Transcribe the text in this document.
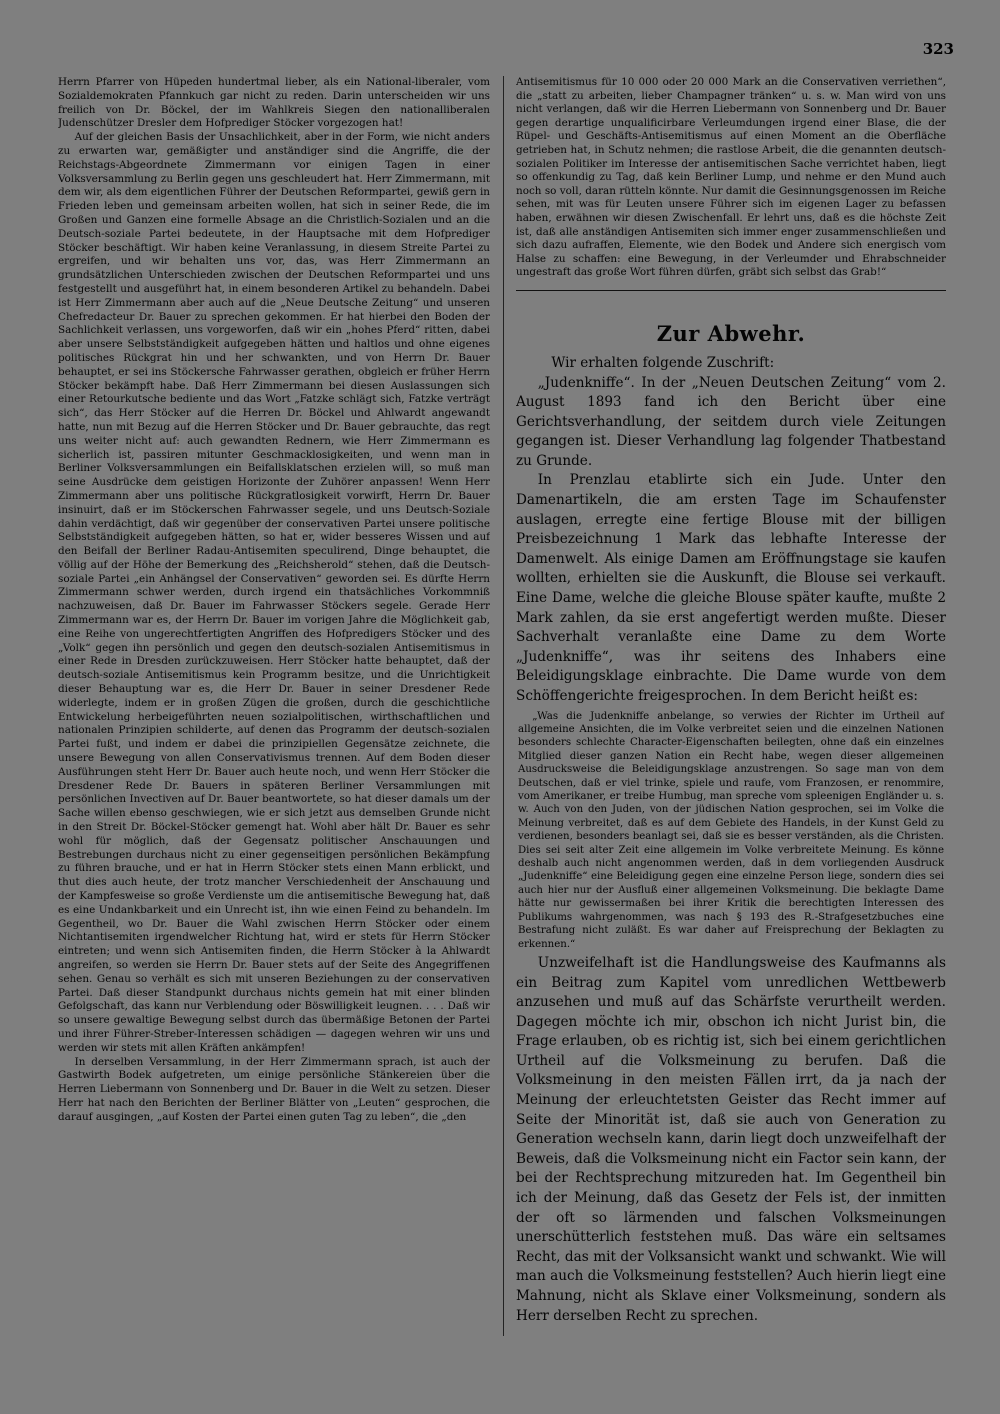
323

Herrn Pfarrer von Hüpeden hundertmal lieber, als ein National-liberaler, vom Sozialdemokraten Pfannkuch gar nicht zu reden. Darin unterscheiden wir uns freilich von Dr. Böckel, der im Wahlkreis Siegen den nationalliberalen Judenschützer Dresler dem Hofprediger Stöcker vorgezogen hat!

Auf der gleichen Basis der Unsachlichkeit, aber in der Form, wie nicht anders zu erwarten war, gemäßigter und anständiger sind die Angriffe, die der Reichstags-Abgeordnete Zimmermann vor einigen Tagen in einer Volksversammlung zu Berlin gegen uns geschleudert hat. Herr Zimmermann, mit dem wir, als dem eigentlichen Führer der Deutschen Reformpartei, gewiß gern in Frieden leben und gemeinsam arbeiten wollen, hat sich in seiner Rede, die im Großen und Ganzen eine formelle Absage an die Christlich-Sozialen und an die Deutsch-soziale Partei bedeutete, in der Hauptsache mit dem Hofprediger Stöcker beschäftigt. Wir haben keine Veranlassung, in diesem Streite Partei zu ergreifen, und wir behalten uns vor, das, was Herr Zimmermann an grundsätzlichen Unterschieden zwischen der Deutschen Reformpartei und uns festgestellt und ausgeführt hat, in einem besonderen Artikel zu behandeln. Dabei ist Herr Zimmermann aber auch auf die „Neue Deutsche Zeitung“ und unseren Chefredacteur Dr. Bauer zu sprechen gekommen. Er hat hierbei den Boden der Sachlichkeit verlassen, uns vorgeworfen, daß wir ein „hohes Pferd“ ritten, dabei aber unsere Selbstständigkeit aufgegeben hätten und haltlos und ohne eigenes politisches Rückgrat hin und her schwankten, und von Herrn Dr. Bauer behauptet, er sei ins Stöckersche Fahrwasser gerathen, obgleich er früher Herrn Stöcker bekämpft habe. Daß Herr Zimmermann bei diesen Auslassungen sich einer Retourkutsche bediente und das Wort „Fatzke schlägt sich, Fatzke verträgt sich“, das Herr Stöcker auf die Herren Dr. Böckel und Ahlwardt angewandt hatte, nun mit Bezug auf die Herren Stöcker und Dr. Bauer gebrauchte, das regt uns weiter nicht auf: auch gewandten Rednern, wie Herr Zimmermann es sicherlich ist, passiren mitunter Geschmacklosigkeiten, und wenn man in Berliner Volksversammlungen ein Beifallsklatschen erzielen will, so muß man seine Ausdrücke dem geistigen Horizonte der Zuhörer anpassen! Wenn Herr Zimmermann aber uns politische Rückgratlosigkeit vorwirft, Herrn Dr. Bauer insinuirt, daß er im Stöckerschen Fahrwasser segele, und uns Deutsch-Soziale dahin verdächtigt, daß wir gegenüber der conservativen Partei unsere politische Selbstständigkeit aufgegeben hätten, so hat er, wider besseres Wissen und auf den Beifall der Berliner Radau-Antisemiten speculirend, Dinge behauptet, die völlig auf der Höhe der Bemerkung des „Reichsherold“ stehen, daß die Deutsch-soziale Partei „ein Anhängsel der Conservativen“ geworden sei. Es dürfte Herrn Zimmermann schwer werden, durch irgend ein thatsächliches Vorkommniß nachzuweisen, daß Dr. Bauer im Fahrwasser Stöckers segele. Gerade Herr Zimmermann war es, der Herrn Dr. Bauer im vorigen Jahre die Möglichkeit gab, eine Reihe von ungerechtfertigten Angriffen des Hofpredigers Stöcker und des „Volk“ gegen ihn persönlich und gegen den deutsch-sozialen Antisemitismus in einer Rede in Dresden zurückzuweisen. Herr Stöcker hatte behauptet, daß der deutsch-soziale Antisemitismus kein Programm besitze, und die Unrichtigkeit dieser Behauptung war es, die Herr Dr. Bauer in seiner Dresdener Rede widerlegte, indem er in großen Zügen die großen, durch die geschichtliche Entwickelung herbeigeführten neuen sozialpolitischen, wirthschaftlichen und nationalen Prinzipien schilderte, auf denen das Programm der deutsch-sozialen Partei fußt, und indem er dabei die prinzipiellen Gegensätze zeichnete, die unsere Bewegung von allen Conservativismus trennen. Auf dem Boden dieser Ausführungen steht Herr Dr. Bauer auch heute noch, und wenn Herr Stöcker die Dresdener Rede Dr. Bauers in späteren Berliner Versammlungen mit persönlichen Invectiven auf Dr. Bauer beantwortete, so hat dieser damals um der Sache willen ebenso geschwiegen, wie er sich jetzt aus demselben Grunde nicht in den Streit Dr. Böckel-Stöcker gemengt hat. Wohl aber hält Dr. Bauer es sehr wohl für möglich, daß der Gegensatz politischer Anschauungen und Bestrebungen durchaus nicht zu einer gegenseitigen persönlichen Bekämpfung zu führen brauche, und er hat in Herrn Stöcker stets einen Mann erblickt, und thut dies auch heute, der trotz mancher Verschiedenheit der Anschauung und der Kampfesweise so große Verdienste um die antisemitische Bewegung hat, daß es eine Undankbarkeit und ein Unrecht ist, ihn wie einen Feind zu behandeln. Im Gegentheil, wo Dr. Bauer die Wahl zwischen Herrn Stöcker oder einem Nichtantisemiten irgendwelcher Richtung hat, wird er stets für Herrn Stöcker eintreten; und wenn sich Antisemiten finden, die Herrn Stöcker à la Ahlwardt angreifen, so werden sie Herrn Dr. Bauer stets auf der Seite des Angegriffenen sehen. Genau so verhält es sich mit unseren Beziehungen zu der conservativen Partei. Daß dieser Standpunkt durchaus nichts gemein hat mit einer blinden Gefolgschaft, das kann nur Verblendung oder Böswilligkeit leugnen. . . . Daß wir so unsere gewaltige Bewegung selbst durch das übermäßige Betonen der Partei und ihrer Führer-Streber-Interessen schädigen — dagegen wehren wir uns und werden wir stets mit allen Kräften ankämpfen!

In derselben Versammlung, in der Herr Zimmermann sprach, ist auch der Gastwirth Bodek aufgetreten, um einige persönliche Stänkereien über die Herren Liebermann von Sonnenberg und Dr. Bauer in die Welt zu setzen. Dieser Herr hat nach den Berichten der Berliner Blätter von „Leuten“ gesprochen, die darauf ausgingen, „auf Kosten der Partei einen guten Tag zu leben“, die „den

Antisemitismus für 10 000 oder 20 000 Mark an die Conservativen verriethen“, die „statt zu arbeiten, lieber Champagner tränken“ u. s. w. Man wird von uns nicht verlangen, daß wir die Herren Liebermann von Sonnenberg und Dr. Bauer gegen derartige unqualificirbare Verleumdungen irgend einer Blase, die der Rüpel- und Geschäfts-Antisemitismus auf einen Moment an die Oberfläche getrieben hat, in Schutz nehmen; die rastlose Arbeit, die die genannten deutsch-sozialen Politiker im Interesse der antisemitischen Sache verrichtet haben, liegt so offenkundig zu Tag, daß kein Berliner Lump, und nehme er den Mund auch noch so voll, daran rütteln könnte. Nur damit die Gesinnungsgenossen im Reiche sehen, mit was für Leuten unsere Führer sich im eigenen Lager zu befassen haben, erwähnen wir diesen Zwischenfall. Er lehrt uns, daß es die höchste Zeit ist, daß alle anständigen Antisemiten sich immer enger zusammenschließen und sich dazu aufraffen, Elemente, wie den Bodek und Andere sich energisch vom Halse zu schaffen: eine Bewegung, in der Verleumder und Ehrabschneider ungestraft das große Wort führen dürfen, gräbt sich selbst das Grab!“

Zur Abwehr.

Wir erhalten folgende Zuschrift:

„Judenkniffe“. In der „Neuen Deutschen Zeitung“ vom 2. August 1893 fand ich den Bericht über eine Gerichtsverhandlung, der seitdem durch viele Zeitungen gegangen ist. Dieser Verhandlung lag folgender Thatbestand zu Grunde.

In Prenzlau etablirte sich ein Jude. Unter den Damenartikeln, die am ersten Tage im Schaufenster auslagen, erregte eine fertige Blouse mit der billigen Preisbezeichnung 1 Mark das lebhafte Interesse der Damenwelt. Als einige Damen am Eröffnungstage sie kaufen wollten, erhielten sie die Auskunft, die Blouse sei verkauft. Eine Dame, welche die gleiche Blouse später kaufte, mußte 2 Mark zahlen, da sie erst angefertigt werden mußte. Dieser Sachverhalt veranlaßte eine Dame zu dem Worte „Judenkniffe“, was ihr seitens des Inhabers eine Beleidigungsklage einbrachte. Die Dame wurde von dem Schöffengerichte freigesprochen. In dem Bericht heißt es:

„Was die Judenkniffe anbelange, so verwies der Richter im Urtheil auf allgemeine Ansichten, die im Volke verbreitet seien und die einzelnen Nationen besonders schlechte Character-Eigenschaften beilegten, ohne daß ein einzelnes Mitglied dieser ganzen Nation ein Recht habe, wegen dieser allgemeinen Ausdrucksweise die Beleidigungsklage anzustrengen. So sage man von dem Deutschen, daß er viel trinke, spiele und raufe, vom Franzosen, er renommire, vom Amerikaner, er treibe Humbug, man spreche vom spleenigen Engländer u. s. w. Auch von den Juden, von der jüdischen Nation gesprochen, sei im Volke die Meinung verbreitet, daß es auf dem Gebiete des Handels, in der Kunst Geld zu verdienen, besonders beanlagt sei, daß sie es besser verständen, als die Christen. Dies sei seit alter Zeit eine allgemein im Volke verbreitete Meinung. Es könne deshalb auch nicht angenommen werden, daß in dem vorliegenden Ausdruck „Judenkniffe“ eine Beleidigung gegen eine einzelne Person liege, sondern dies sei auch hier nur der Ausfluß einer allgemeinen Volksmeinung. Die beklagte Dame hätte nur gewissermaßen bei ihrer Kritik die berechtigten Interessen des Publikums wahrgenommen, was nach § 193 des R.-Strafgesetzbuches eine Bestrafung nicht zuläßt. Es war daher auf Freisprechung der Beklagten zu erkennen.“

Unzweifelhaft ist die Handlungsweise des Kaufmanns als ein Beitrag zum Kapitel vom unredlichen Wettbewerb anzusehen und muß auf das Schärfste verurtheilt werden. Dagegen möchte ich mir, obschon ich nicht Jurist bin, die Frage erlauben, ob es richtig ist, sich bei einem gerichtlichen Urtheil auf die Volksmeinung zu berufen. Daß die Volksmeinung in den meisten Fällen irrt, da ja nach der Meinung der erleuchtetsten Geister das Recht immer auf Seite der Minorität ist, daß sie auch von Generation zu Generation wechseln kann, darin liegt doch unzweifelhaft der Beweis, daß die Volksmeinung nicht ein Factor sein kann, der bei der Rechtsprechung mitzureden hat. Im Gegentheil bin ich der Meinung, daß das Gesetz der Fels ist, der inmitten der oft so lärmenden und falschen Volksmeinungen unerschütterlich feststehen muß. Das wäre ein seltsames Recht, das mit der Volksansicht wankt und schwankt. Wie will man auch die Volksmeinung feststellen? Auch hierin liegt eine Mahnung, nicht als Sklave einer Volksmeinung, sondern als Herr derselben Recht zu sprechen.
